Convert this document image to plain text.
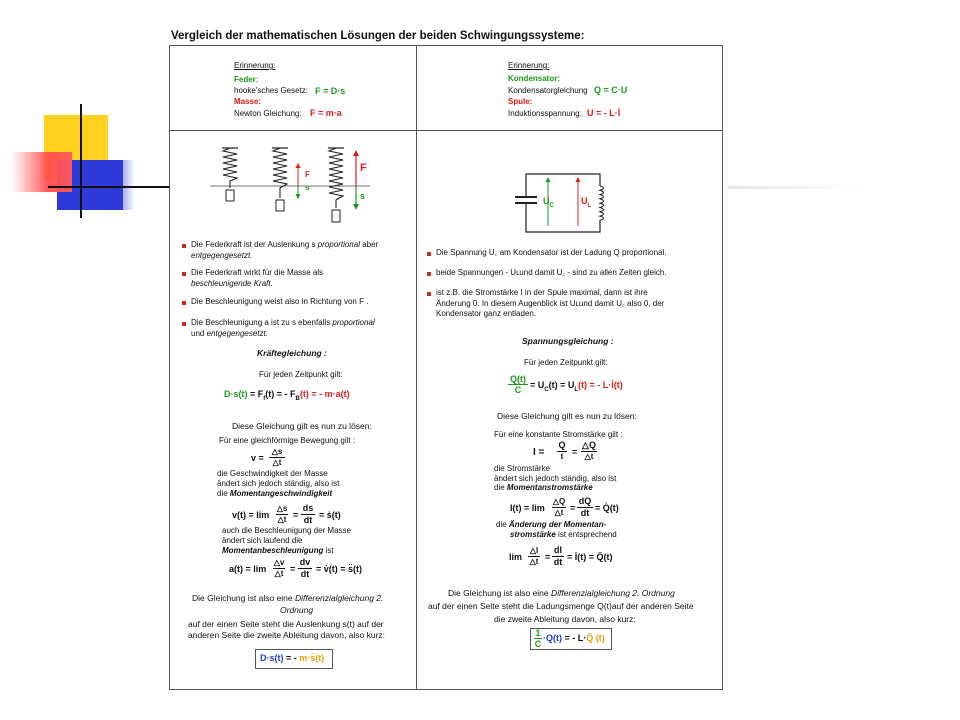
Vergleich der mathematischen Lösungen der beiden Schwingungssysteme:
Erinnerung:
Feder:
hooke'sches Gesetz: F = D·s
Masse:
Newton Gleichung: F = m·a
Erinnerung:
Kondensator:
Kondensatorgleichung Q = C·U
Spule:
Induktionsspannung: U = - L·İ
F
s
F
s
Die Federkraft ist der Auslenkung s proportional aber
entgegengesetzt.
Die Federkraft wirkt für die Masse als
beschleunigende Kraft.
Die Beschleunigung weist also in Richtung von F .
Die Beschleunigung a ist zu s ebenfalls proportional
und entgegengesetzt.
Kräftegleichung :
Für jeden Zeitpunkt gilt:
$D\cdot s(t) = F_f(t)$ = - $F_B(t)$ = - m·a(t)
Diese Gleichung gilt es nun zu lösen:
Für eine gleichförmige Bewegung gilt :
v =
△s
△t
die Geschwindigkeit der Masse
ändert sich jedoch ständig, also ist
die Momentangeschwindigkeit
v(t) = lim
△s
△t =
ds
dt = ṡ(t)
auch die Beschleunigung der Masse
ändert sich laufend die
Momentanbeschleunigung ist
a(t) = lim
△v
△t =
dv
dt = v̇(t) = s̈(t)
Die Gleichung ist also eine Differenzialgleichung 2.
Ordnung
auf der einen Seite steht die Auslenkung s(t) auf der
anderen Seite die zweite Ableitung davon, also kurz:
D·s(t) = - m·s̈(t)
$U_C$	$U_L$
Die Spannung U꜀ am Kondensator ist der Ladung Q proportional.
beide Spannungen - Uʟund damit U꜀ - sind zu allen Zeiten gleich.
ist z.B. die Stromstärke I in der Spule maximal, dann ist ihre
Änderung 0. In diesem Augenblick ist Uʟund damit U꜀ also 0, der
Kondensator ganz entladen.
Spannungsgleichung :
Für jeden Zeitpunkt gilt:
Q(t)
$C = U_C(t) = U_L(t)$ = - L·İ(t)
Diese Gleichung gilt es nun zu lösen:
Für eine konstante Stromstärke gilt :
I =
Q
t =
△Q
△t
die Stromstärke
ändert sich jedoch ständig, also ist
die Momentanstromstärke
I(t) = lim
△Q
△t =
dQ
dt = Q̇(t)
die Änderung der Momentan-
stromstärke ist entsprechend
lim
△I
△t =
dI
dt = İ(t) = Q̈(t)
Die Gleichung ist also eine Differenzialgleichung 2. Ordnung
auf der einen Seite steht die Ladungsmenge Q(t)auf der anderen Seite
die zweite Ableitung davon, also kurz:
1
C
·Q(t) = - L·Q̈ (t)
